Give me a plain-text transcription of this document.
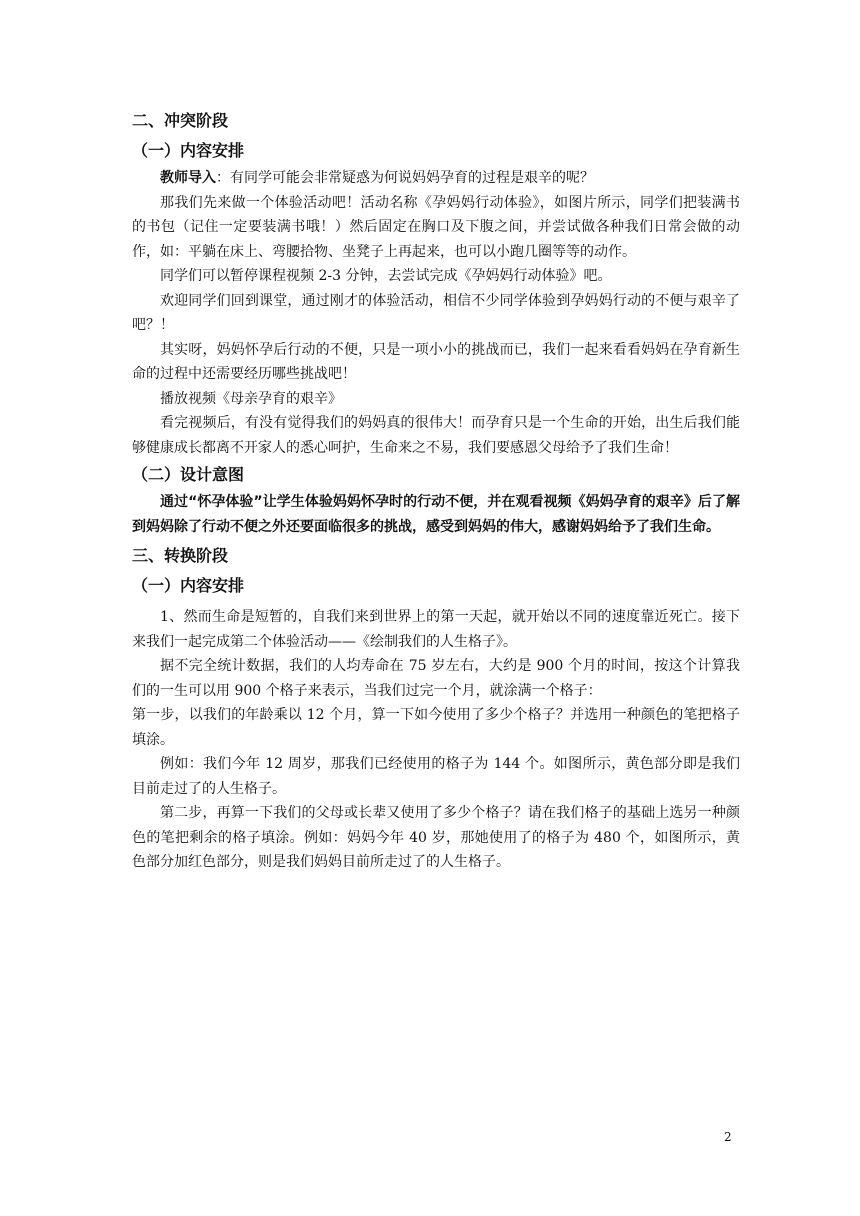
二、冲突阶段
（一）内容安排

教师导入：有同学可能会非常疑惑为何说妈妈孕育的过程是艰辛的呢？

那我们先来做一个体验活动吧！活动名称《孕妈妈行动体验》，如图片所示，同学们把装满书的书包（记住一定要装满书哦！）然后固定在胸口及下腹之间，并尝试做各种我们日常会做的动作，如：平躺在床上、弯腰拾物、坐凳子上再起来，也可以小跑几圈等等的动作。

同学们可以暂停课程视频 2-3 分钟，去尝试完成《孕妈妈行动体验》吧。

欢迎同学们回到课堂，通过刚才的体验活动，相信不少同学体验到孕妈妈行动的不便与艰辛了吧？！

其实呀，妈妈怀孕后行动的不便，只是一项小小的挑战而已，我们一起来看看妈妈在孕育新生命的过程中还需要经历哪些挑战吧！

播放视频《母亲孕育的艰辛》

看完视频后，有没有觉得我们的妈妈真的很伟大！而孕育只是一个生命的开始，出生后我们能够健康成长都离不开家人的悉心呵护，生命来之不易，我们要感恩父母给予了我们生命！

（二）设计意图

通过“怀孕体验”让学生体验妈妈怀孕时的行动不便，并在观看视频《妈妈孕育的艰辛》后了解到妈妈除了行动不便之外还要面临很多的挑战，感受到妈妈的伟大，感谢妈妈给予了我们生命。

三、转换阶段
（一）内容安排

1、然而生命是短暂的，自我们来到世界上的第一天起，就开始以不同的速度靠近死亡。接下来我们一起完成第二个体验活动——《绘制我们的人生格子》。

据不完全统计数据，我们的人均寿命在 75 岁左右，大约是 900 个月的时间，按这个计算我们的一生可以用 900 个格子来表示，当我们过完一个月，就涂满一个格子：

第一步，以我们的年龄乘以 12 个月，算一下如今使用了多少个格子？并选用一种颜色的笔把格子填涂。

例如：我们今年 12 周岁，那我们已经使用的格子为 144 个。如图所示，黄色部分即是我们目前走过了的人生格子。

第二步，再算一下我们的父母或长辈又使用了多少个格子？请在我们格子的基础上选另一种颜色的笔把剩余的格子填涂。例如：妈妈今年 40 岁，那她使用了的格子为 480 个，如图所示，黄色部分加红色部分，则是我们妈妈目前所走过了的人生格子。

2
